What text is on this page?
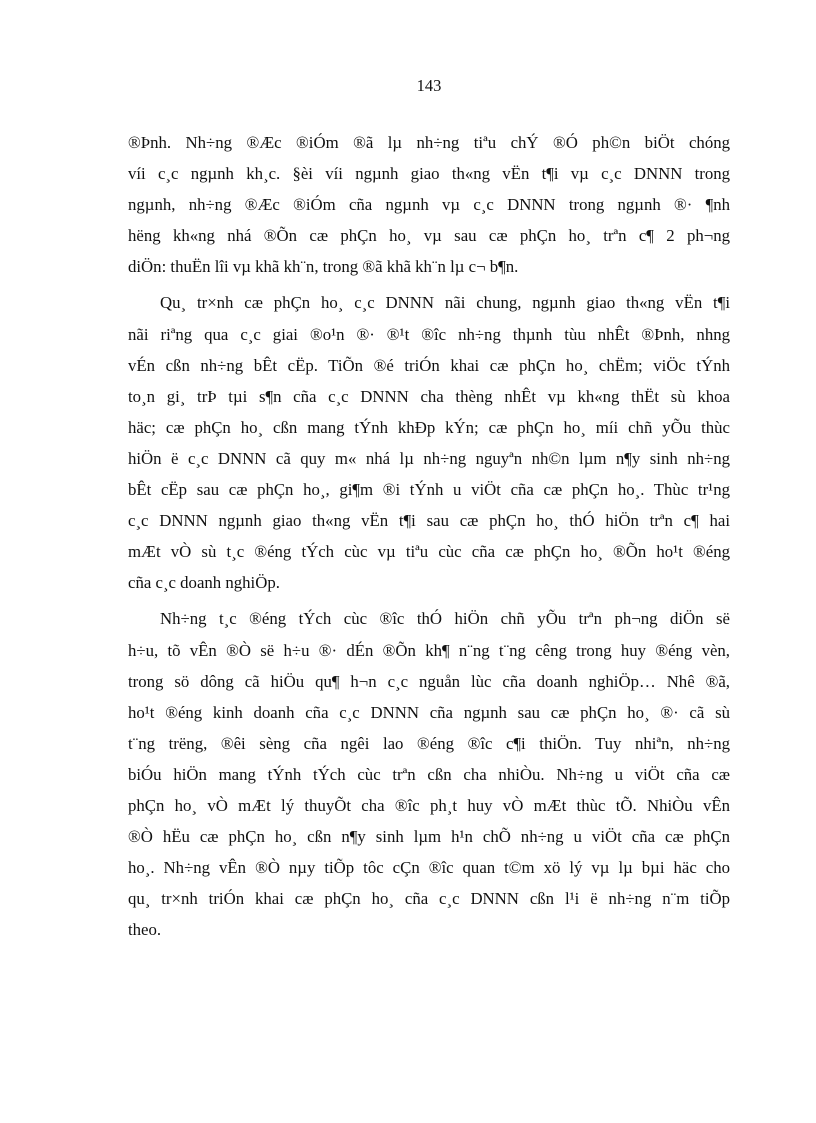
143

®Þnh. Nh÷ng ®Æc ®iÓm ®ã lµ nh÷ng tiªu chÝ ®Ó ph©n biÖt chóng
víi c¸c ngµnh kh¸c. §èi víi ngµnh giao th«ng vËn t¶i vµ c¸c DNNN trong
ngµnh, nh÷ng ®Æc ®iÓm cña ngµnh vµ c¸c DNNN trong ngµnh ®· ¶nh
hëng kh«ng nhá ®Õn cæ phÇn ho¸ vµ sau cæ phÇn ho¸ trªn c¶ 2 ph¬ng
diÖn: thuËn lîi vµ khã kh¨n, trong ®ã khã kh¨n lµ c¬ b¶n.

Qu¸ tr×nh cæ phÇn ho¸ c¸c DNNN nãi chung, ngµnh giao th«ng vËn t¶i
nãi riªng qua c¸c giai ®o¹n ®· ®¹t ®îc nh÷ng thµnh tùu nhÊt ®Þnh, nhng
vÉn cßn nh÷ng bÊt cËp. TiÕn ®é triÓn khai cæ phÇn ho¸ chËm; viÖc tÝnh
to¸n gi¸ trÞ tµi s¶n cña c¸c DNNN cha thèng nhÊt vµ kh«ng thËt sù khoa
häc; cæ phÇn ho¸ cßn mang tÝnh khÐp kÝn; cæ phÇn ho¸ míi chñ yÕu thùc
hiÖn ë c¸c DNNN cã quy m« nhá lµ nh÷ng nguyªn nh©n lµm n¶y sinh nh÷ng
bÊt cËp sau cæ phÇn ho¸, gi¶m ®i tÝnh u viÖt cña cæ phÇn ho¸. Thùc tr¹ng
c¸c DNNN ngµnh giao th«ng vËn t¶i sau cæ phÇn ho¸ thÓ hiÖn trªn c¶ hai
mÆt vÒ sù t¸c ®éng tÝch cùc vµ tiªu cùc cña cæ phÇn ho¸ ®Õn ho¹t ®éng
cña c¸c doanh nghiÖp.

Nh÷ng t¸c ®éng tÝch cùc ®îc thÓ hiÖn chñ yÕu trªn ph¬ng diÖn së
h÷u, tõ vÊn ®Ò së h÷u ®· dÉn ®Õn kh¶ n¨ng t¨ng cêng trong huy ®éng vèn,
trong sö dông cã hiÖu qu¶ h¬n c¸c nguån lùc cña doanh nghiÖp… Nhê ®ã,
ho¹t ®éng kinh doanh cña c¸c DNNN cña ngµnh sau cæ phÇn ho¸ ®· cã sù
t¨ng trëng, ®êi sèng cña ngêi lao ®éng ®îc c¶i thiÖn. Tuy nhiªn, nh÷ng
biÓu hiÖn mang tÝnh tÝch cùc trªn cßn cha nhiÒu. Nh÷ng u viÖt cña cæ
phÇn ho¸ vÒ mÆt lý thuyÕt cha ®îc ph¸t huy vÒ mÆt thùc tÕ. NhiÒu vÊn
®Ò hËu cæ phÇn ho¸ cßn n¶y sinh lµm h¹n chÕ nh÷ng u viÖt cña cæ phÇn
ho¸. Nh÷ng vÊn ®Ò nµy tiÕp tôc cÇn ®îc quan t©m xö lý vµ lµ bµi häc cho
qu¸ tr×nh triÓn khai cæ phÇn ho¸ cña c¸c DNNN cßn l¹i ë nh÷ng n¨m tiÕp
theo.
